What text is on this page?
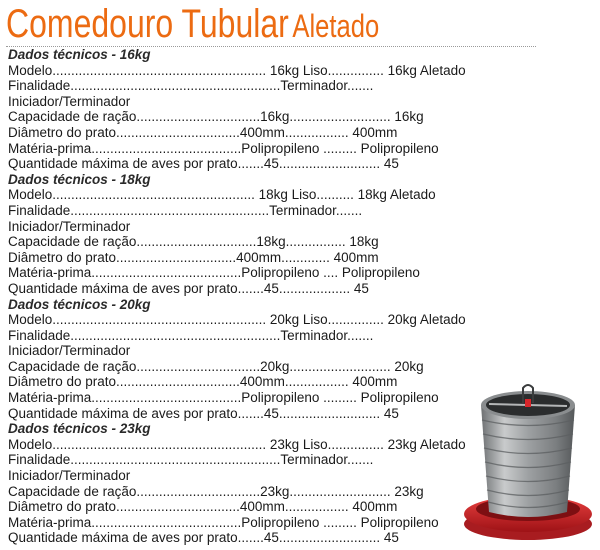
Comedouro Tubular Aletado
Dados técnicos - 16kg
Modelo......................................................... 16kg Liso............... 16kg Aletado
Finalidade........................................................Terminador.......
Iniciador/Terminador
Capacidade de ração.................................16kg........................... 16kg
Diâmetro do prato.................................400mm................. 400mm
Matéria-prima........................................Polipropileno ......... Polipropileno
Quantidade máxima de aves por prato.......45........................... 45
Dados técnicos - 18kg
Modelo...................................................... 18kg Liso.......... 18kg Aletado
Finalidade.....................................................Terminador.......
Iniciador/Terminador
Capacidade de ração................................18kg................ 18kg
Diâmetro do prato................................400mm............. 400mm
Matéria-prima........................................Polipropileno .... Polipropileno
Quantidade máxima de aves por prato.......45................... 45
Dados técnicos - 20kg
Modelo......................................................... 20kg Liso............... 20kg Aletado
Finalidade........................................................Terminador.......
Iniciador/Terminador
Capacidade de ração.................................20kg........................... 20kg
Diâmetro do prato.................................400mm................. 400mm
Matéria-prima........................................Polipropileno ......... Polipropileno
Quantidade máxima de aves por prato.......45........................... 45
Dados técnicos - 23kg
Modelo......................................................... 23kg Liso............... 23kg Aletado
Finalidade........................................................Terminador.......
Iniciador/Terminador
Capacidade de ração.................................23kg........................... 23kg
Diâmetro do prato.................................400mm................. 400mm
Matéria-prima........................................Polipropileno ......... Polipropileno
Quantidade máxima de aves por prato.......45........................... 45
